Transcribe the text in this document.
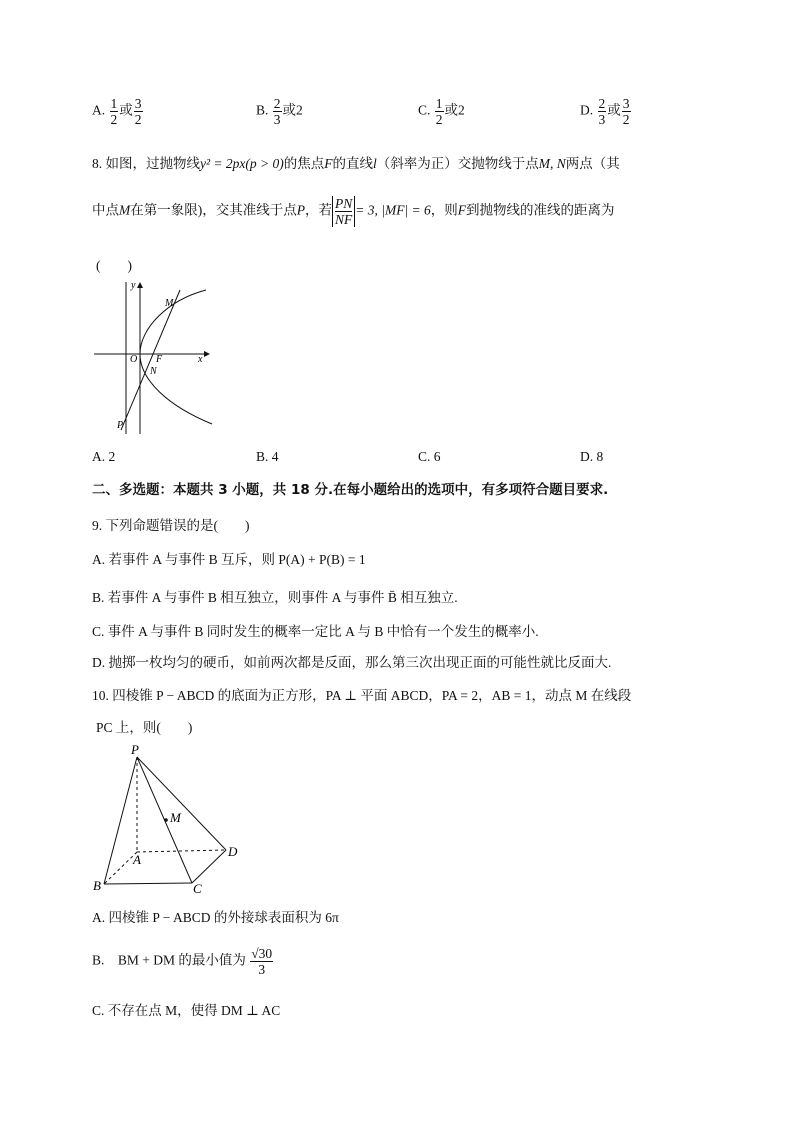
A. $\frac{1}{2}$ 或 $\frac{3}{2}$	B. $\frac{2}{3}$ 或2	C. $\frac{1}{2}$ 或2	D. $\frac{2}{3}$ 或 $\frac{3}{2}$
8. 如图，过抛物线y² = 2px(p > 0)的焦点F的直线l（斜率为正）交抛物线于点M, N两点（其
中点M在第一象限)，交其准线于点P，若 $\frac{PN}{NF} = 3$, |MF| = 6，则F到抛物线的准线的距离为
(　　)
y
x
O F
M
N
P
A. 2	B. 4	C. 6	D. 8
二、多选题：本题共 3 小题，共 18 分.在每小题给出的选项中，有多项符合题目要求.
9. 下列命题错误的是(　　)
A. 若事件 A 与事件 B 互斥，则 P(A) + P(B) = 1
B. 若事件 A 与事件 B 相互独立，则事件 A 与事件 B̄ 相互独立.
C. 事件 A 与事件 B 同时发生的概率一定比 A 与 B 中恰有一个发生的概率小.
D. 抛掷一枚均匀的硬币，如前两次都是反面，那么第三次出现正面的可能性就比反面大.
10. 四棱锥 P − ABCD 的底面为正方形，PA ⊥ 平面 ABCD，PA = 2，AB = 1，动点 M 在线段
PC 上，则(　　)
P
M
A
B	C
D
A. 四棱锥 P − ABCD 的外接球表面积为 6π
B.　BM + DM 的最小值为 $\frac{√30}{3}$
C. 不存在点 M，使得 DM ⊥ AC
